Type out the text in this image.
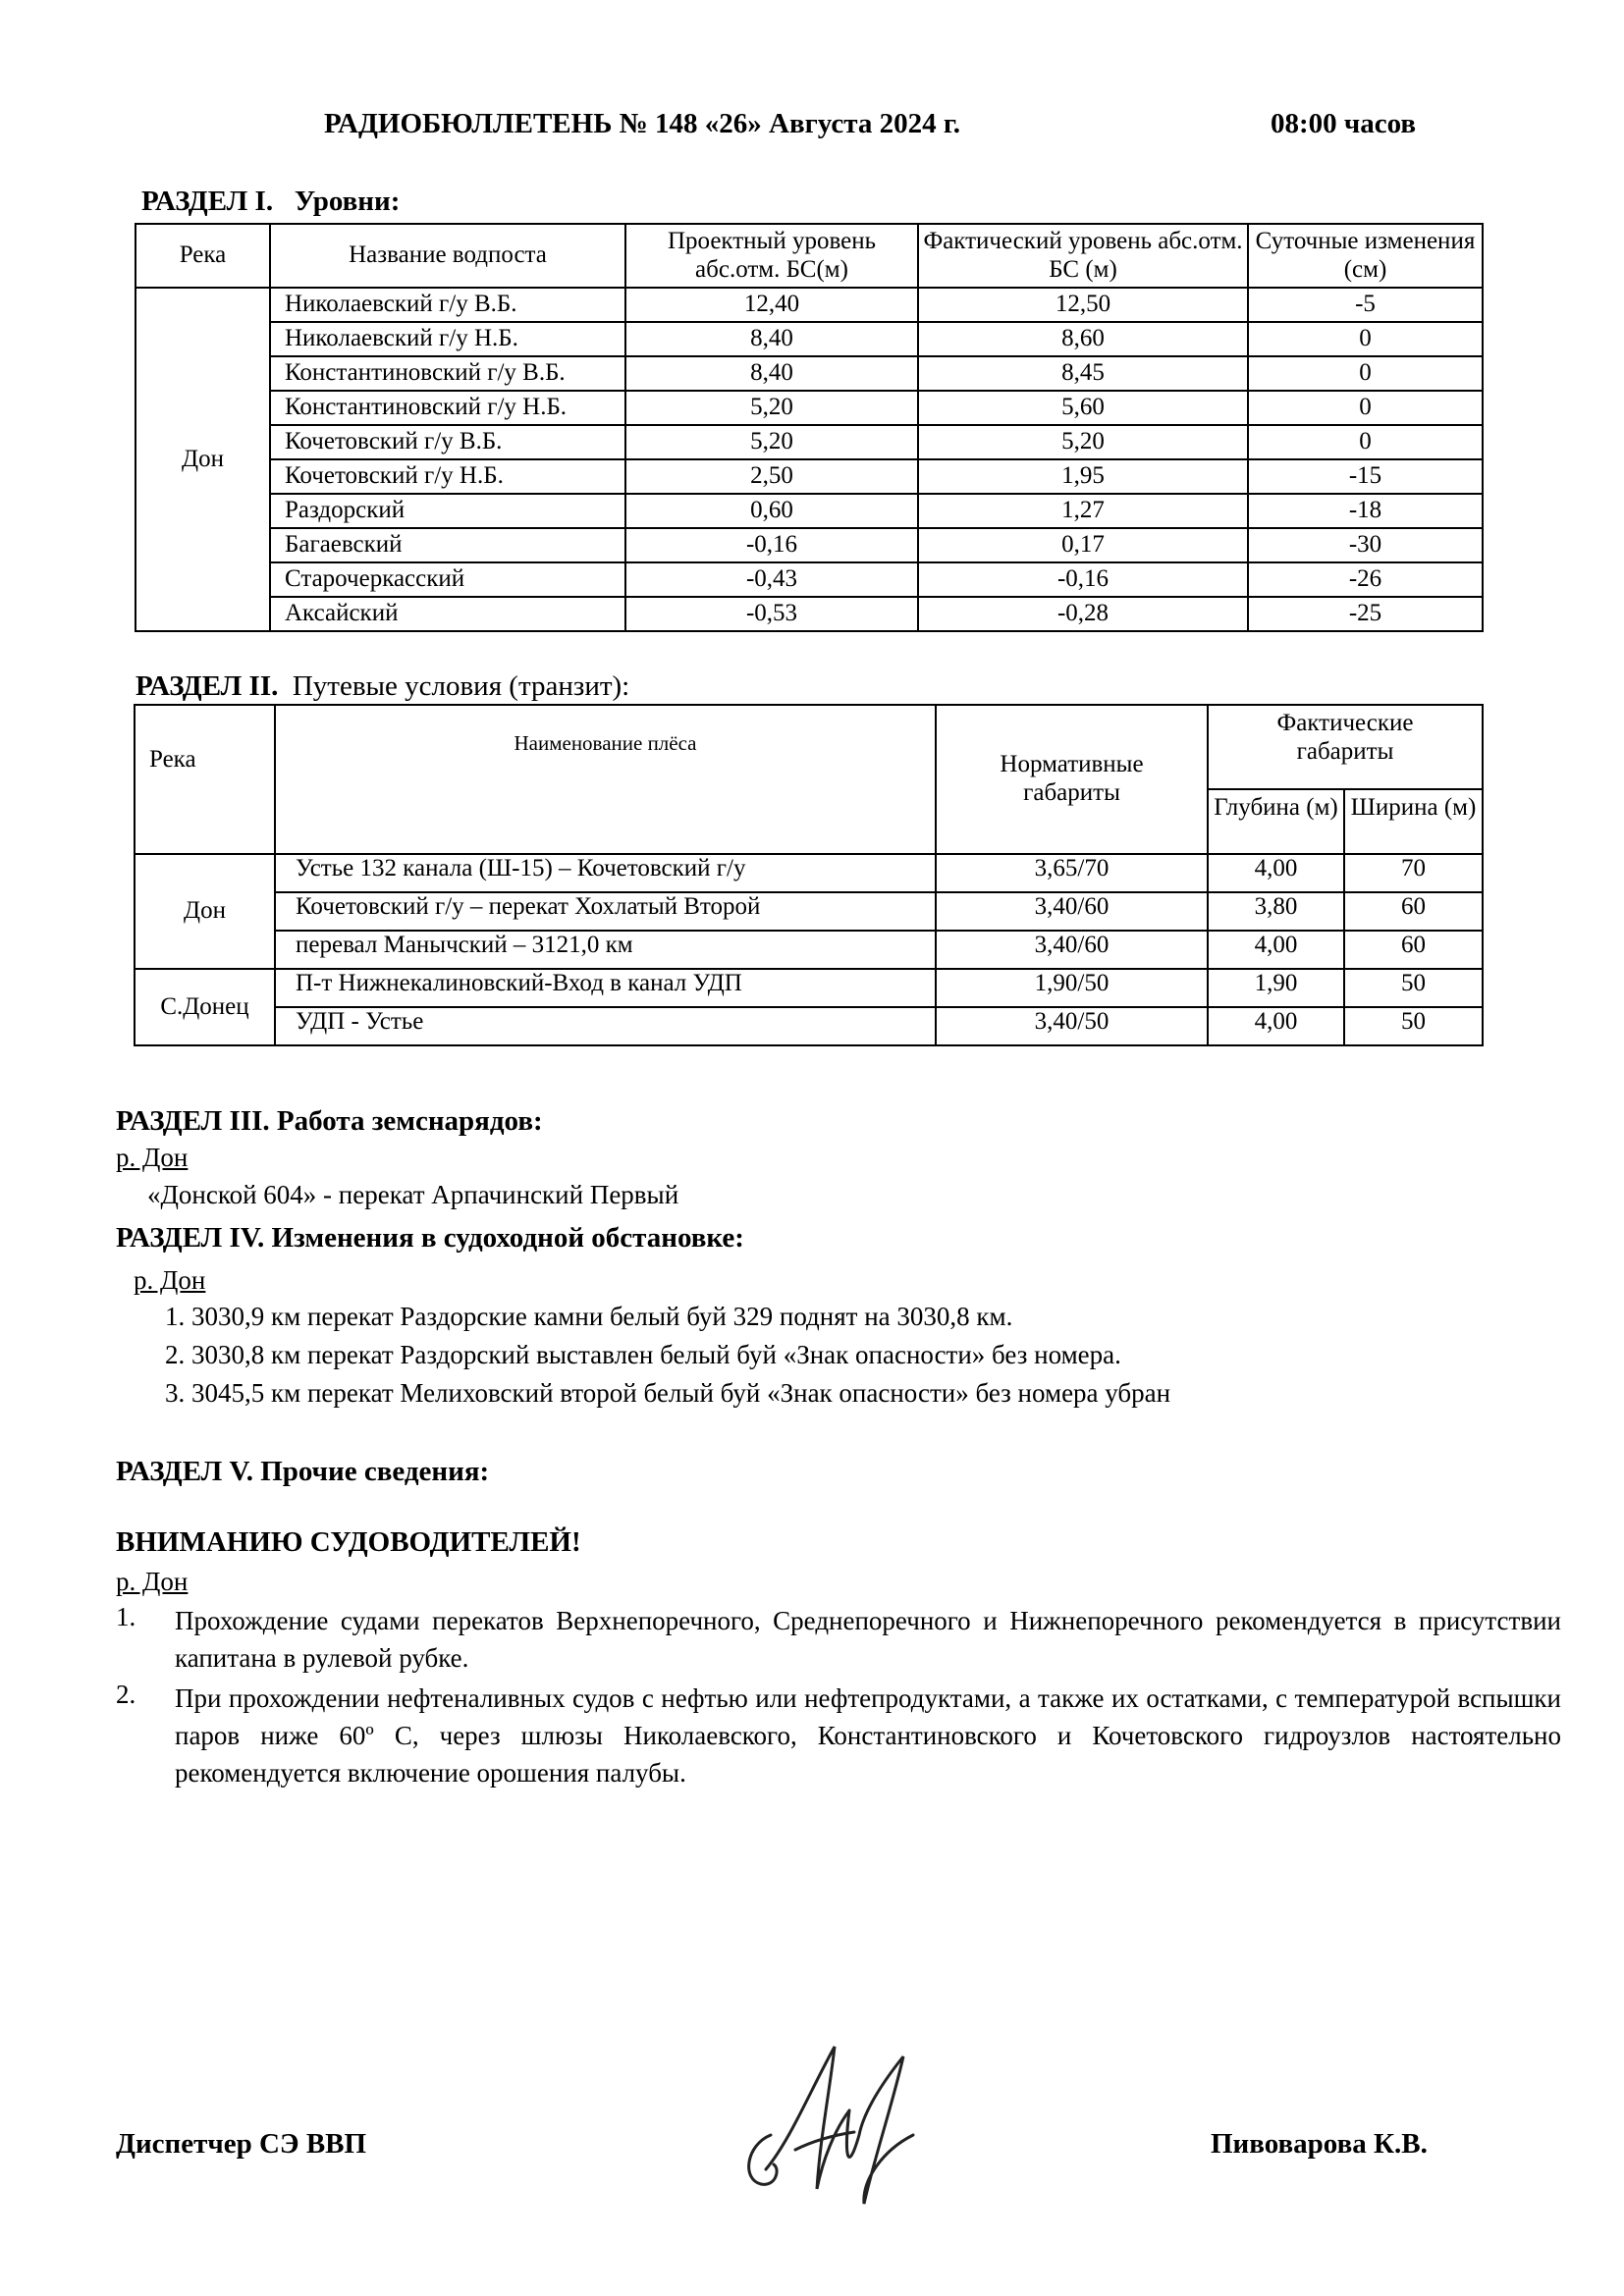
РАДИОБЮЛЛЕТЕНЬ № 148 «26» Августа 2024 г.	08:00 часов
РАЗДЕЛ I. Уровни:
Река	Название водпоста	Проектный уровень абс.отм. БС(м)	Фактический уровень абс.отм. БС (м)	Суточные изменения (см)
Дон	Николаевский г/у В.Б.	12,40	12,50	-5
	Николаевский г/у Н.Б.	8,40	8,60	0
	Константиновский г/у В.Б.	8,40	8,45	0
	Константиновский г/у Н.Б.	5,20	5,60	0
	Кочетовский г/у В.Б.	5,20	5,20	0
	Кочетовский г/у Н.Б.	2,50	1,95	-15
	Раздорский	0,60	1,27	-18
	Багаевский	-0,16	0,17	-30
	Старочеркасский	-0,43	-0,16	-26
	Аксайский	-0,53	-0,28	-25
РАЗДЕЛ II. Путевые условия (транзит):
Река	Наименование плёса	Нормативные габариты	Фактические габариты	
			Глубина (м)	Ширина (м)
Дон	Устье 132 канала (Ш-15) – Кочетовский г/у	3,65/70	4,00	70
	Кочетовский г/у – перекат Хохлатый Второй	3,40/60	3,80	60
	перевал Манычский – 3121,0 км	3,40/60	4,00	60
С.Донец	П-т Нижнекалиновский-Вход в канал УДП	1,90/50	1,90	50
	УДП - Устье	3,40/50	4,00	50
РАЗДЕЛ III. Работа земснарядов:
р. Дон
«Донской 604» - перекат Арпачинский Первый
РАЗДЕЛ IV. Изменения в судоходной обстановке:
р. Дон
1. 3030,9 км перекат Раздорские камни белый буй 329 поднят на 3030,8 км.
2. 3030,8 км перекат Раздорский выставлен белый буй «Знак опасности» без номера.
3. 3045,5 км перекат Мелиховский второй белый буй «Знак опасности» без номера убран
РАЗДЕЛ V. Прочие сведения:
ВНИМАНИЮ СУДОВОДИТЕЛЕЙ!
р. Дон
1. Прохождение судами перекатов Верхнепоречного, Среднепоречного и Нижнепоречного рекомендуется в присутствии капитана в рулевой рубке.
2. При прохождении нефтеналивных судов с нефтью или нефтепродуктами, а также их остатками, с температурой вспышки паров ниже 60º С, через шлюзы Николаевского, Константиновского и Кочетовского гидроузлов настоятельно рекомендуется включение орошения палубы.
Диспетчер СЭ ВВП	Пивоварова К.В.
